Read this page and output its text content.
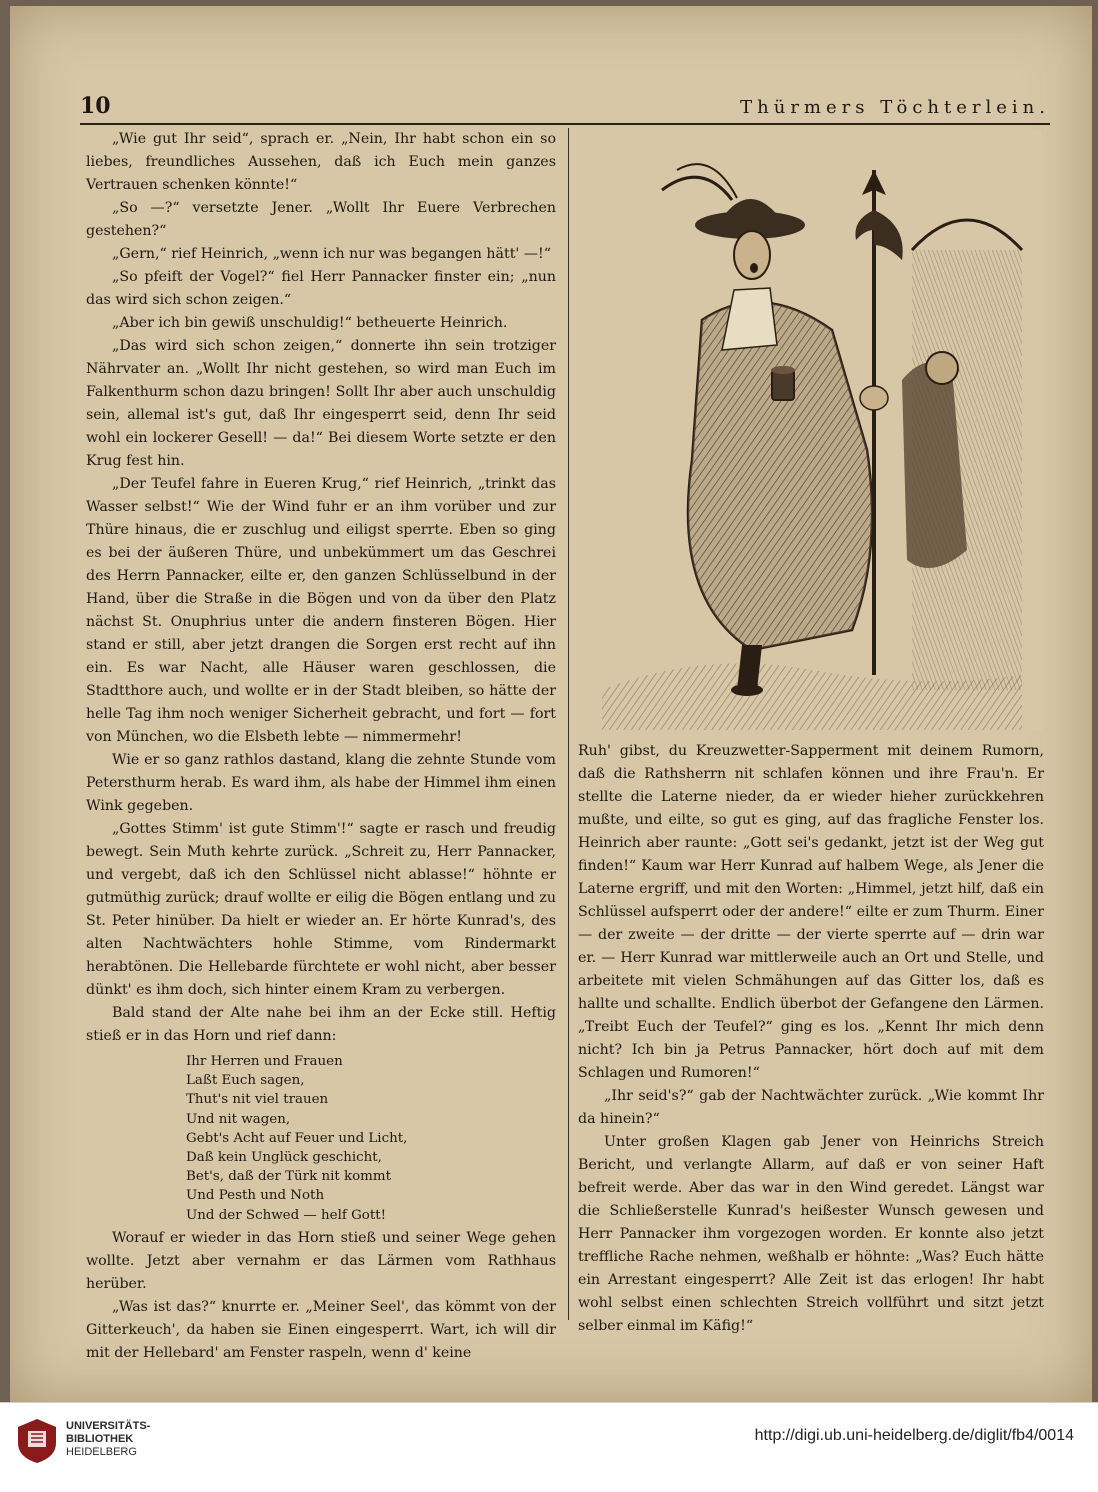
10	Thürmers Töchterlein.

„Wie gut Ihr seid“, sprach er. „Nein, Ihr habt schon ein so liebes, freundliches Aussehen, daß ich Euch mein ganzes Vertrauen schenken könnte!“

„So —?“ versetzte Jener. „Wollt Ihr Euere Verbrechen gestehen?“

„Gern,“ rief Heinrich, „wenn ich nur was begangen hätt' —!“

„So pfeift der Vogel?“ fiel Herr Pannacker finster ein; „nun das wird sich schon zeigen.“

„Aber ich bin gewiß unschuldig!“ betheuerte Heinrich.

„Das wird sich schon zeigen,“ donnerte ihn sein trotziger Nährvater an. „Wollt Ihr nicht gestehen, so wird man Euch im Falkenthurm schon dazu bringen! Sollt Ihr aber auch unschuldig sein, allemal ist's gut, daß Ihr eingesperrt seid, denn Ihr seid wohl ein lockerer Gesell! — da!“ Bei diesem Worte setzte er den Krug fest hin.

„Der Teufel fahre in Eueren Krug,“ rief Heinrich, „trinkt das Wasser selbst!“ Wie der Wind fuhr er an ihm vorüber und zur Thüre hinaus, die er zuschlug und eiligst sperrte. Eben so ging es bei der äußeren Thüre, und unbekümmert um das Geschrei des Herrn Pannacker, eilte er, den ganzen Schlüsselbund in der Hand, über die Straße in die Bögen und von da über den Platz nächst St. Onuphrius unter die andern finsteren Bögen. Hier stand er still, aber jetzt drangen die Sorgen erst recht auf ihn ein. Es war Nacht, alle Häuser waren geschlossen, die Stadtthore auch, und wollte er in der Stadt bleiben, so hätte der helle Tag ihm noch weniger Sicherheit gebracht, und fort — fort von München, wo die Elsbeth lebte — nimmermehr!

Wie er so ganz rathlos dastand, klang die zehnte Stunde vom Petersthurm herab. Es ward ihm, als habe der Himmel ihm einen Wink gegeben.

„Gottes Stimm' ist gute Stimm'!“ sagte er rasch und freudig bewegt. Sein Muth kehrte zurück. „Schreit zu, Herr Pannacker, und vergebt, daß ich den Schlüssel nicht ablasse!“ höhnte er gutmüthig zurück; drauf wollte er eilig die Bögen entlang und zu St. Peter hinüber. Da hielt er wieder an. Er hörte Kunrad's, des alten Nachtwächters hohle Stimme, vom Rindermarkt herabtönen. Die Hellebarde fürchtete er wohl nicht, aber besser dünkt' es ihm doch, sich hinter einem Kram zu verbergen.

Bald stand der Alte nahe bei ihm an der Ecke still. Heftig stieß er in das Horn und rief dann:

Ihr Herren und Frauen
Laßt Euch sagen,
Thut's nit viel trauen
Und nit wagen,
Gebt's Acht auf Feuer und Licht,
Daß kein Unglück geschicht,
Bet's, daß der Türk nit kommt
Und Pesth und Noth
Und der Schwed — helf Gott!

Worauf er wieder in das Horn stieß und seiner Wege gehen wollte. Jetzt aber vernahm er das Lärmen vom Rathhaus herüber.

„Was ist das?“ knurrte er. „Meiner Seel', das kömmt von der Gitterkeuch', da haben sie Einen eingesperrt. Wart, ich will dir mit der Hellebard' am Fenster raspeln, wenn d' keine

Ruh' gibst, du Kreuzwetter-Sapperment mit deinem Rumorn, daß die Rathsherrn nit schlafen können und ihre Frau'n. Er stellte die Laterne nieder, da er wieder hieher zurückkehren mußte, und eilte, so gut es ging, auf das fragliche Fenster los. Heinrich aber raunte: „Gott sei's gedankt, jetzt ist der Weg gut finden!“ Kaum war Herr Kunrad auf halbem Wege, als Jener die Laterne ergriff, und mit den Worten: „Himmel, jetzt hilf, daß ein Schlüssel aufsperrt oder der andere!“ eilte er zum Thurm. Einer — der zweite — der dritte — der vierte sperrte auf — drin war er. — Herr Kunrad war mittlerweile auch an Ort und Stelle, und arbeitete mit vielen Schmähungen auf das Gitter los, daß es hallte und schallte. Endlich überbot der Gefangene den Lärmen. „Treibt Euch der Teufel?“ ging es los. „Kennt Ihr mich denn nicht? Ich bin ja Petrus Pannacker, hört doch auf mit dem Schlagen und Rumoren!“

„Ihr seid's?“ gab der Nachtwächter zurück. „Wie kommt Ihr da hinein?“

Unter großen Klagen gab Jener von Heinrichs Streich Bericht, und verlangte Allarm, auf daß er von seiner Haft befreit werde. Aber das war in den Wind geredet. Längst war die Schließerstelle Kunrad's heißester Wunsch gewesen und Herr Pannacker ihm vorgezogen worden. Er konnte also jetzt treffliche Rache nehmen, weßhalb er höhnte: „Was? Euch hätte ein Arrestant eingesperrt? Alle Zeit ist das erlogen! Ihr habt wohl selbst einen schlechten Streich vollführt und sitzt jetzt selber einmal im Käfig!“

UNIVERSITÄTS-
BIBLIOTHEK
HEIDELBERG
http://digi.ub.uni-heidelberg.de/diglit/fb4/0014
